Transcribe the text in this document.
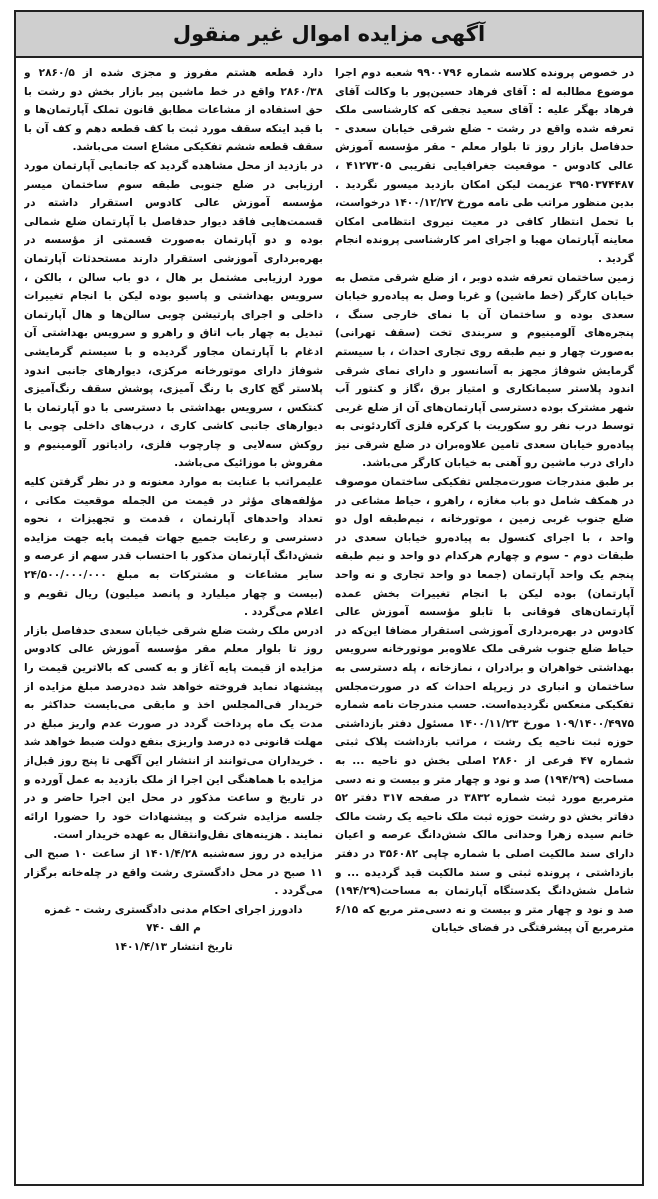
آگهی مزایده اموال غیر منقول

در خصوص پرونده کلاسه شماره ۹۹۰۰۷۹۶ شعبه دوم اجرا موضوع مطالبه له : آقای فرهاد حسین‌پور با وکالت آقای فرهاد بهگر علیه : آقای سعید نجفی که کارشناسی ملک تعرفه شده واقع در رشت - ضلع شرقی خیابان سعدی - حدفاصل بازار روز تا بلوار معلم - مقر مؤسسه آموزش عالی کادوس - موقعیت جغرافیایی تقریبی ۴۱۲۷۳۰۵ ، ۳۹۵۰۳۷۴۴۸۷ عزیمت لیکن امکان بازدید میسور نگردید . بدین منظور مراتب طی نامه مورخ ۱۴۰۰/۱۲/۲۷ درخواست، با تحمل انتظار کافی در معیت نیروی انتظامی امکان معاینه آپارتمان مهیا و اجرای امر کارشناسی پرونده انجام گردید .

زمین ساختمان تعرفه شده دوبر ، از ضلع شرقی متصل به خیابان کارگر (خط ماشین) و غربا وصل به پیاده‌رو خیابان سعدی بوده و ساختمان آن با نمای خارجی سنگ ، پنجره‌های آلومینیوم و سربندی تخت (سقف تهرانی) به‌صورت چهار و نیم طبقه روی تجاری احداث ، با سیستم گرمایش شوفاژ مجهز به آسانسور و دارای نمای شرقی اندود پلاستر سیمانکاری و امتیاز برق ،گاز و کنتور آب شهر مشترک بوده دسترسی آپارتمان‌های آن از ضلع غربی توسط درب نفر رو سکوریت با کرکره فلزی آکاردئونی به پیاده‌رو خیابان سعدی تامین علاوه‌بران در ضلع شرقی نیز دارای درب ماشین رو آهنی به خیابان کارگر می‌باشد.

بر طبق مندرجات صورت‌مجلس تفکیکی ساختمان موصوف در همکف شامل دو باب مغازه ، راهرو ، حیاط مشاعی در ضلع جنوب غربی زمین ، موتورخانه ، نیم‌طبقه اول دو واحد ، با اجرای کنسول به پیاده‌رو خیابان سعدی در طبقات دوم - سوم و چهارم هرکدام دو واحد و نیم طبقه پنجم یک واحد آپارتمان (جمعا دو واحد تجاری و نه واحد آپارتمان) بوده لیکن با انجام تغییرات بخش عمده آپارتمان‌های فوقانی با تابلو مؤسسه آموزش عالی کادوس در بهره‌برداری آموزشی استقرار مضافا این‌که در حیاط ضلع جنوب شرقی ملک علاوه‌بر موتورخانه سرویس بهداشتی خواهران و برادران ، نمازخانه ، پله دسترسی به ساختمان و انباری در زیرپله احداث که در صورت‌مجلس تفکیکی منعکس نگردیده‌است. حسب مندرجات نامه شماره ۱۰۹/۱۴۰۰/۴۹۷۵ مورخ ۱۴۰۰/۱۱/۲۳ مسئول دفتر بازداشتی حوزه ثبت ناحیه یک رشت ، مراتب بازداشت پلاک ثبتی شماره ۴۷ فرعی از ۲۸۶۰ اصلی بخش دو ناحیه ... به مساحت (۱۹۴/۲۹) صد و نود و چهار متر و بیست و نه دسی مترمربع مورد ثبت شماره ۳۸۳۲ در صفحه ۳۱۷ دفتر ۵۲ دفاتر بخش دو رشت حوزه ثبت ملک ناحیه یک رشت مالک خانم سیده زهرا وحدانی مالک شش‌دانگ عرصه و اعیان دارای سند مالکیت اصلی با شماره چاپی ۳۵۶۰۸۲ در دفتر بازداشتی ، پرونده ثبتی و سند مالکیت قید گردیده ... و شامل شش‌دانگ یکدستگاه آپارتمان به مساحت(۱۹۴/۲۹) صد و نود و چهار متر و بیست و نه دسی‌متر مربع که ۶/۱۵ مترمربع آن پیشرفتگی در فضای خیابان

دارد قطعه هشتم مفروز و مجزی شده از ۲۸۶۰/۵ و ۲۸۶۰/۳۸ واقع در خط ماشین پیر بازار بخش دو رشت با حق استفاده از مشاعات مطابق قانون تملک آپارتمان‌ها و با قید اینکه سقف مورد ثبت با کف قطعه دهم و کف آن با سقف قطعه ششم تفکیکی مشاع است می‌باشد.

در بازدید از محل مشاهده گردید که جانمایی آپارتمان مورد ارزیابی در ضلع جنوبی طبقه سوم ساختمان میسر مؤسسه آموزش عالی کادوس استقرار داشته در قسمت‌هایی فاقد دیوار حدفاصل با آپارتمان ضلع شمالی بوده و دو آپارتمان به‌صورت قسمتی از مؤسسه در بهره‌برداری آموزشی استقرار دارند مستحدثات آپارتمان مورد ارزیابی مشتمل بر هال ، دو باب سالن ، بالکن ، سرویس بهداشتی و پاسیو بوده لیکن با انجام تغییرات داخلی و اجرای پارتیشن چوبی سالن‌ها و هال آپارتمان تبدیل به چهار باب اتاق و راهرو و سرویس بهداشتی آن ادغام با آپارتمان مجاور گردیده و با سیستم گرمایشی شوفاژ دارای موتورخانه مرکزی، دیوارهای جانبی اندود پلاستر گچ کاری با رنگ آمیزی، پوشش سقف رنگ‌آمیزی کنتکس ، سرویس بهداشتی با دسترسی با دو آپارتمان با دیوارهای جانبی کاشی کاری ، درب‌های داخلی چوبی با روکش سه‌لایی و چارچوب فلزی، رادیاتور آلومینیوم و مفروش با موزائیک می‌باشد.

علیمراتب با عنایت به موارد معنونه و در نظر گرفتن کلیه مؤلفه‌های مؤثر در قیمت من الجمله موقعیت مکانی ، تعداد واحدهای آپارتمان ، قدمت و تجهیزات ، نحوه دسترسی و رعایت جمیع جهات قیمت پایه جهت مزایده شش‌دانگ آپارتمان مذکور با احتساب قدر سهم از عرصه و سایر مشاعات و مشترکات به مبلغ ۲۴/۵۰۰/۰۰۰/۰۰۰ (بیست و چهار میلیارد و پانصد میلیون) ریال تقویم و اعلام می‌گردد .

ادرس ملک رشت ضلع شرقی خیابان سعدی حدفاصل بازار روز تا بلوار معلم مقر مؤسسه آموزش عالی کادوس مزایده از قیمت پایه آغاز و به کسی که بالاترین قیمت را پیشنهاد نماید فروخته خواهد شد ده‌درصد مبلغ مزایده از خریدار فی‌المجلس اخذ و مابقی می‌بایست حداکثر به مدت یک ماه پرداخت گردد در صورت عدم واریز مبلغ در مهلت قانونی ده درصد واریزی بنفع دولت ضبط خواهد شد . خریداران می‌توانند از انتشار این آگهی تا پنج روز قبل‌از مزایده با هماهنگی این اجرا از ملک بازدید به عمل آورده و در تاریخ و ساعت مذکور در محل این اجرا حاضر و در جلسه مزایده شرکت و پیشنهادات خود را حضورا ارائه نمایند . هزینه‌های نقل‌وانتقال به عهده خریدار است.

مزایده در روز سه‌شنبه ۱۴۰۱/۴/۲۸ از ساعت ۱۰ صبح الی ۱۱ صبح در محل دادگستری رشت واقع در چله‌خانه برگزار می‌گردد .

دادورز اجرای احکام مدنی دادگستری رشت - غمزه

م الف ۷۴۰

تاریخ انتشار ۱۴۰۱/۴/۱۳
